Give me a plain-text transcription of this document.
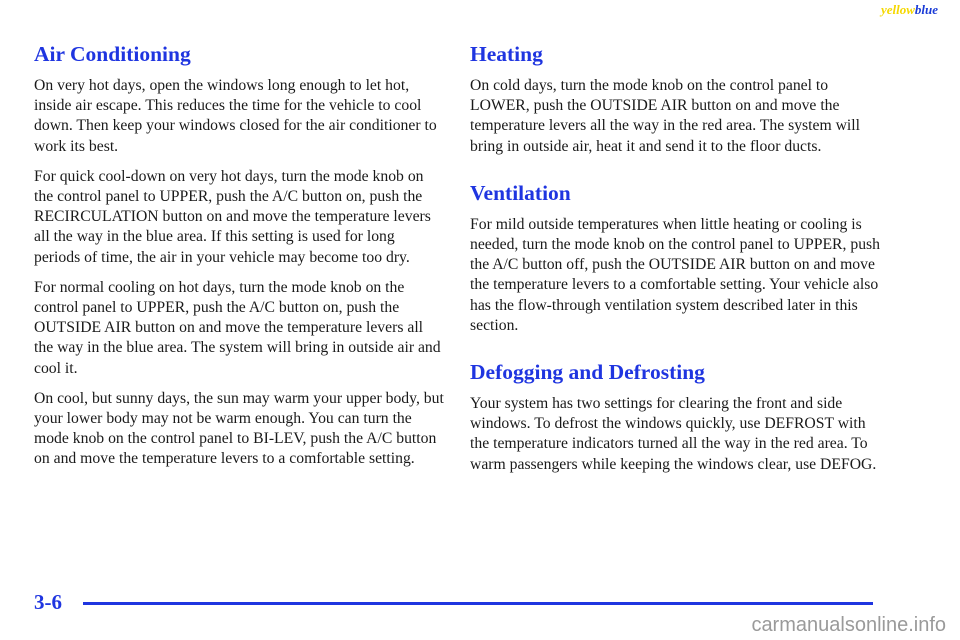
yellowblue
Air Conditioning

On very hot days, open the windows long enough to let hot, inside air escape. This reduces the time for the vehicle to cool down. Then keep your windows closed for the air conditioner to work its best.

For quick cool‑down on very hot days, turn the mode knob on the control panel to UPPER, push the A/C button on, push the RECIRCULATION button on and move the temperature levers all the way in the blue area. If this setting is used for long periods of time, the air in your vehicle may become too dry.

For normal cooling on hot days, turn the mode knob on the control panel to UPPER, push the A/C button on, push the OUTSIDE AIR button on and move the temperature levers all the way in the blue area. The system will bring in outside air and cool it.

On cool, but sunny days, the sun may warm your upper body, but your lower body may not be warm enough. You can turn the mode knob on the control panel to BI‑LEV, push the A/C button on and move the temperature levers to a comfortable setting.

Heating

On cold days, turn the mode knob on the control panel to LOWER, push the OUTSIDE AIR button on and move the temperature levers all the way in the red area. The system will bring in outside air, heat it and send it to the floor ducts.

Ventilation

For mild outside temperatures when little heating or cooling is needed, turn the mode knob on the control panel to UPPER, push the A/C button off, push the OUTSIDE AIR button on and move the temperature levers to a comfortable setting. Your vehicle also has the flow‑through ventilation system described later in this section.

Defogging and Defrosting

Your system has two settings for clearing the front and side windows. To defrost the windows quickly, use DEFROST with the temperature indicators turned all the way in the red area. To warm passengers while keeping the windows clear, use DEFOG.

3-6
carmanualsonline.info
